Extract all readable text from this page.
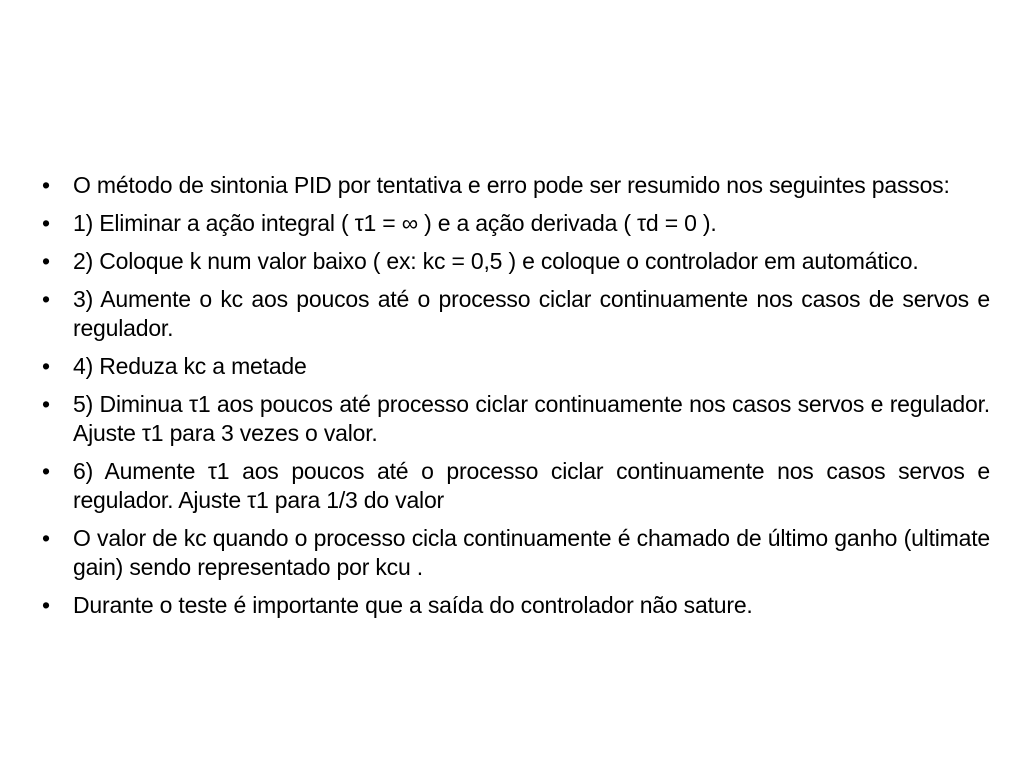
•	O método de sintonia PID por tentativa e erro pode ser resumido nos seguintes passos:
•	1) Eliminar a ação integral ( τ1 = ∞ ) e a ação derivada ( τd = 0 ).
•	2) Coloque k num valor baixo ( ex: kc = 0,5 ) e coloque o controlador em automático.
•	3) Aumente o kc aos poucos até o processo ciclar continuamente nos casos de servos e regulador.
•	4) Reduza kc a metade
•	5) Diminua τ1 aos poucos até processo ciclar continuamente nos casos servos e regulador. Ajuste τ1 para 3 vezes o valor.
•	6) Aumente τ1 aos poucos até o processo ciclar continuamente nos casos servos e regulador. Ajuste τ1 para 1/3 do valor
•	O valor de kc quando o processo cicla continuamente é chamado de último ganho (ultimate gain) sendo representado por kcu .
•	Durante o teste é importante que a saída do controlador não sature.
